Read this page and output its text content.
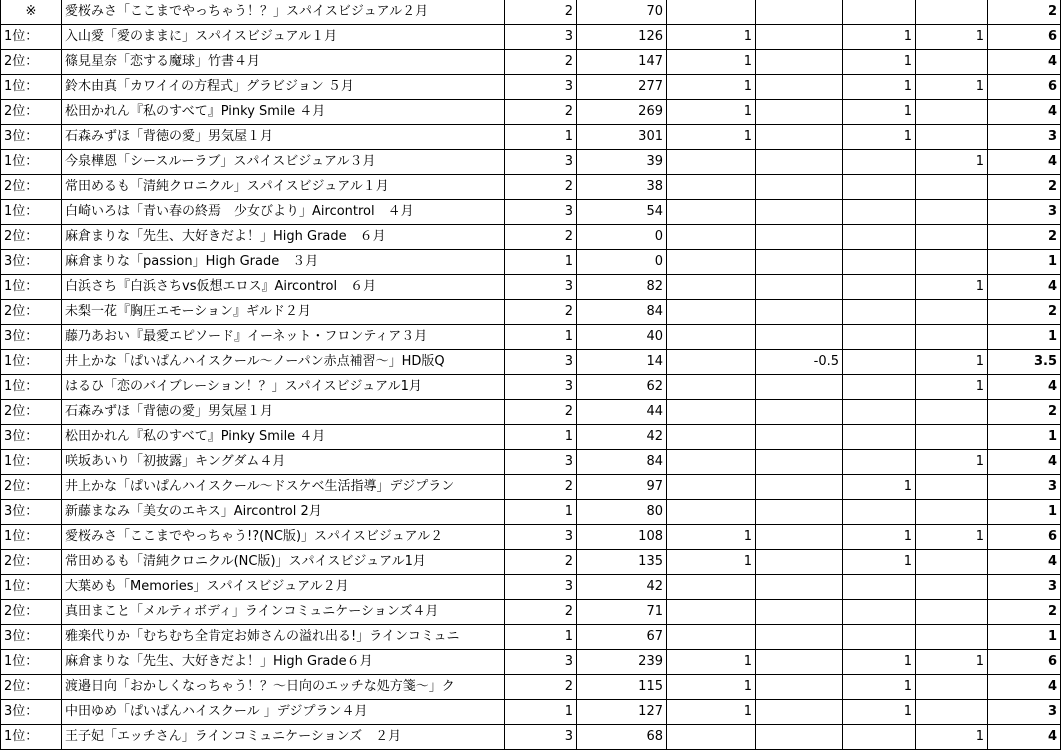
※	愛桜みさ「ここまでやっちゃう！？」スパイスビジュアル２月	2	70					2
1位：	入山愛「愛のままに」スパイスビジュアル１月	3	126	1		1	1	6
2位：	篠見星奈「恋する魔球」竹書４月	2	147	1		1		4
1位：	鈴木由真「カワイイの方程式」グラビジョン ５月	3	277	1		1	1	6
2位：	松田かれん『私のすべて』Pinky Smile ４月	2	269	1		1		4
3位：	石森みずほ「背徳の愛」男気屋１月	1	301	1		1		3
1位：	今泉樺恩「シースルーラブ」スパイスビジュアル３月	3	39				1	4
2位：	常田めるも「清純クロニクル」スパイスビジュアル１月	2	38					2
1位：	白崎いろは「青い春の終焉　少女びより」Aircontrol　４月	3	54					3
2位：	麻倉まりな「先生、大好きだよ！」High Grade　６月	2	0					2
3位：	麻倉まりな「passion」High Grade　３月	1	0					1
1位：	白浜さち『白浜さちvs仮想エロス』Aircontrol　６月	3	82				1	4
2位：	未梨一花『胸圧エモーション』ギルド２月	2	84					2
3位：	藤乃あおい『最愛エピソード』イーネット・フロンティア３月	1	40					1
1位：	井上かな「ぱいぱんハイスクール～ノーパン赤点補習～」HD版Q	3	14		-0.5		1	3.5
1位：	はるひ「恋のバイブレーション！？」スパイスビジュアル1月	3	62				1	4
2位：	石森みずほ「背徳の愛」男気屋１月	2	44					2
3位：	松田かれん『私のすべて』Pinky Smile ４月	1	42					1
1位：	咲坂あいり「初披露」キングダム４月	3	84				1	4
2位：	井上かな「ぱいぱんハイスクール～ドスケベ生活指導」デジプラン	2	97			1		3
3位：	新藤まなみ「美女のエキス」Aircontrol 2月	1	80					1
1位：	愛桜みさ「ここまでやっちゃう!?(NC版)」スパイスビジュアル２	3	108	1		1	1	6
2位：	常田めるも「清純クロニクル(NC版)」スパイスビジュアル1月	2	135	1		1		4
1位：	大葉めも「Memories」スパイスビジュアル２月	3	42					3
2位：	真田まこと「メルティボディ」ラインコミュニケーションズ４月	2	71					2
3位：	雅楽代りか「むちむち全肯定お姉さんの溢れ出る!」ラインコミュニ	1	67					1
1位：	麻倉まりな「先生、大好きだよ！」High Grade６月	3	239	1		1	1	6
2位：	渡邉日向「おかしくなっちゃう！？～日向のエッチな処方箋～」ク	2	115	1		1		4
3位：	中田ゆめ「ぱいぱんハイスクール 」デジプラン４月	1	127	1		1		3
1位：	王子妃「エッチさん」ラインコミュニケーションズ　２月	3	68				1	4
